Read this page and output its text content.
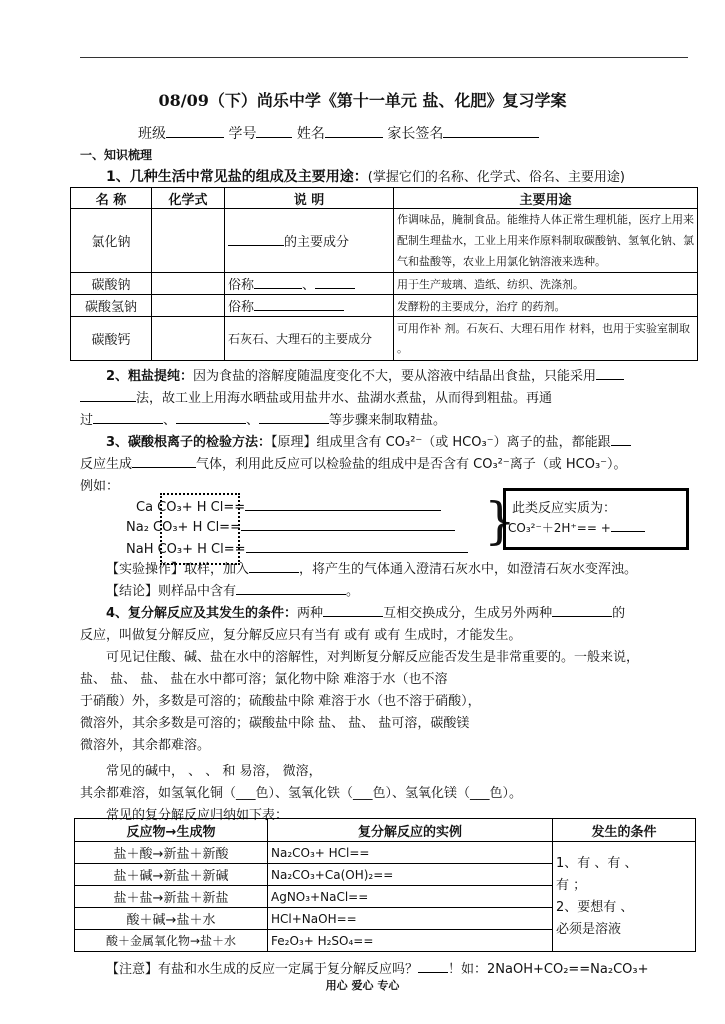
08/09（下）尚乐中学《第十一单元 盐、化肥》复习学案
班级	学号	姓名	家长签名
一、知识梳理
1、几种生活中常见盐的组成及主要用途：(掌握它们的名称、化学式、俗名、主要用途)
名 称	化学式	说 明	主要用途
氯化钠		的主要成分	作调味品，腌制食品。能维持人体正常生理机能，医疗上用来配制生理盐水，工业上用来作原料制取碳酸钠、氢氧化钠、氯气和盐酸等，农业上用氯化钠溶液来选种。
碳酸钠		俗称 、	用于生产玻璃、造纸、纺织、洗涤剂。
碳酸氢钠		俗称	发酵粉的主要成分，治疗 的药剂。
碳酸钙		石灰石、大理石的主要成分	可用作补 剂。石灰石、大理石用作 材料，也用于实验室制取 。
2、粗盐提纯：因为食盐的溶解度随温度变化不大，要从溶液中结晶出食盐，只能采用
法，故工业上用海水晒盐或用盐井水、盐湖水煮盐，从而得到粗盐。再通
过	、	、	等步骤来制取精盐。
3、碳酸根离子的检验方法：【原理】组成里含有 CO₃²⁻（或 HCO₃⁻）离子的盐，都能跟
反应生成	气体，利用此反应可以检验盐的组成中是否含有 CO₃²⁻离子（或 HCO₃⁻）。
例如：
Ca CO₃+ H Cl==
Na₂ CO₃+ H Cl==
NaH CO₃+ H Cl==	}
此类反应实质为：
CO₃²⁻＋2H⁺== +
【实验操作】取样，加入	，将产生的气体通入澄清石灰水中，如澄清石灰水变浑浊。
【结论】则样品中含有	。
4、复分解反应及其发生的条件：两种	互相交换成分，生成另外两种	的
反应，叫做复分解反应，复分解反应只有当有 或有 或有 生成时，才能发生。
可见记住酸、碱、盐在水中的溶解性，对判断复分解反应能否发生是非常重要的。一般来说，
盐、 盐、 盐、 盐在水中都可溶；氯化物中除 难溶于水（也不溶
于硝酸）外，多数是可溶的；硫酸盐中除 难溶于水（也不溶于硝酸），
微溶外，其余多数是可溶的；碳酸盐中除 盐、 盐、 盐可溶，碳酸镁
微溶外，其余都难溶。
常见的碱中， 、 、 和 易溶， 微溶，
其余都难溶，如氢氧化铜（___色）、氢氧化铁（___色）、氢氧化镁（___色）。
常见的复分解反应归纳如下表：
反应物→生成物	复分解反应的实例	发生的条件
盐＋酸→新盐＋新酸	Na₂CO₃+ HCl==	1、有 、有 、
有 ；
2、要想有 、
必须是溶液

盐＋碱→新盐＋新碱	Na₂CO₃+Ca(OH)₂==	
盐＋盐→新盐＋新盐	AgNO₃+NaCl==	
酸＋碱→盐＋水	HCl+NaOH==	
酸＋金属氧化物→盐＋水	Fe₂O₃+ H₂SO₄==	
【注意】有盐和水生成的反应一定属于复分解反应吗？ ！如：2NaOH+CO₂==Na₂CO₃+
用心 爱心 专心
